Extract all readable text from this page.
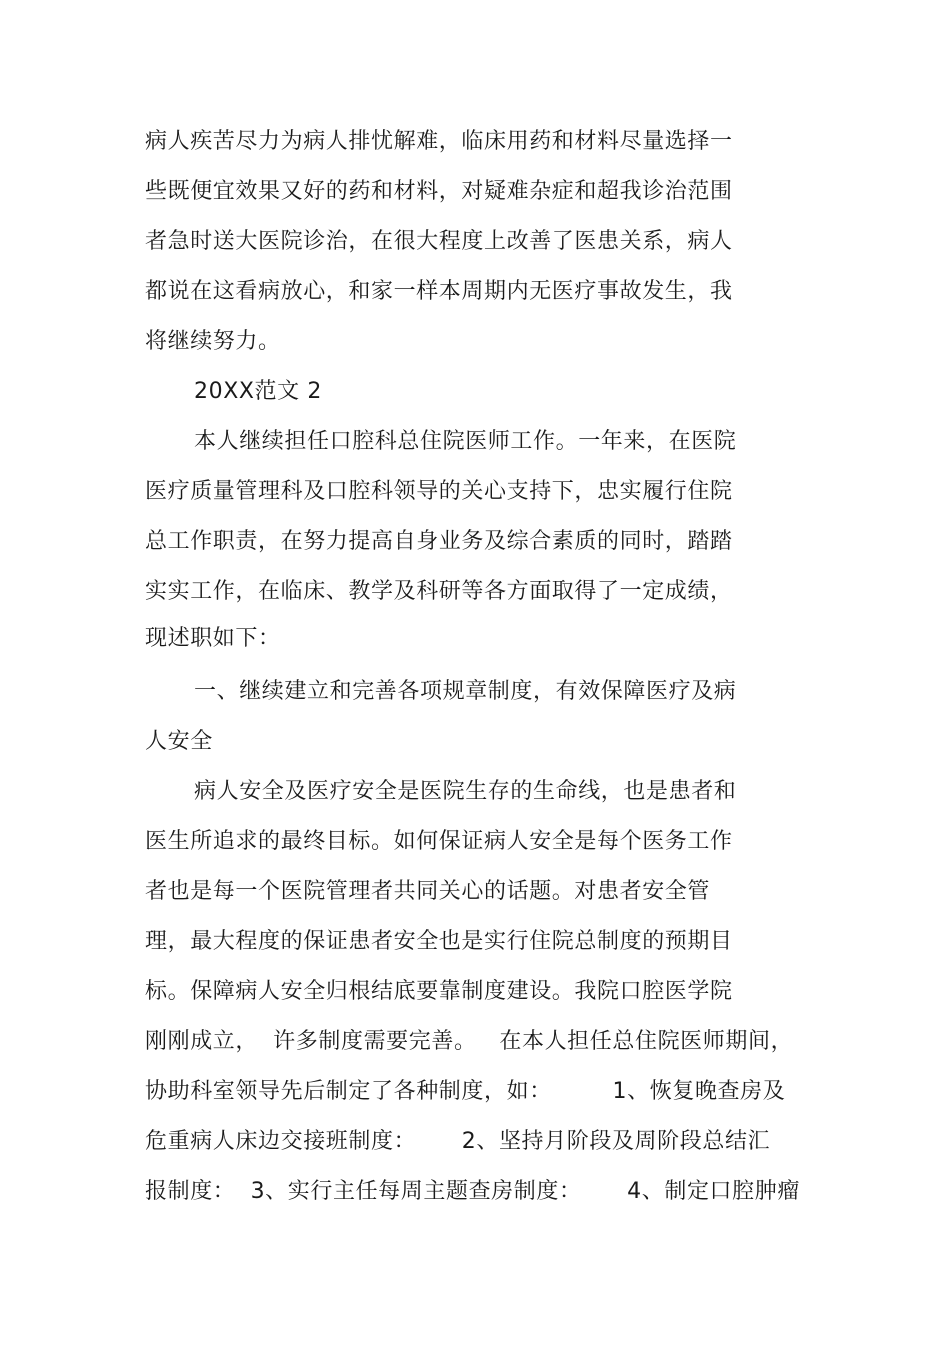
病人疾苦尽力为病人排忧解难，临床用药和材料尽量选择一
些既便宜效果又好的药和材料，对疑难杂症和超我诊治范围
者急时送大医院诊治，在很大程度上改善了医患关系，病人
都说在这看病放心，和家一样本周期内无医疗事故发生，我
将继续努力。
20XX范文 2
本人继续担任口腔科总住院医师工作。一年来，在医院
医疗质量管理科及口腔科领导的关心支持下，忠实履行住院
总工作职责，在努力提高自身业务及综合素质的同时，踏踏
实实工作，在临床、教学及科研等各方面取得了一定成绩，
现述职如下：
一、继续建立和完善各项规章制度，有效保障医疗及病
人安全
病人安全及医疗安全是医院生存的生命线，也是患者和
医生所追求的最终目标。如何保证病人安全是每个医务工作
者也是每一个医院管理者共同关心的话题。对患者安全管
理，最大程度的保证患者安全也是实行住院总制度的预期目
标。保障病人安全归根结底要靠制度建设。我院口腔医学院
刚刚成立，  许多制度需要完善。   在本人担任总住院医师期间，
协助科室领导先后制定了各种制度，如：        1、恢复晚查房及
危重病人床边交接班制度：      2、坚持月阶段及周阶段总结汇
报制度：  3、实行主任每周主题查房制度：      4、制定口腔肿瘤
